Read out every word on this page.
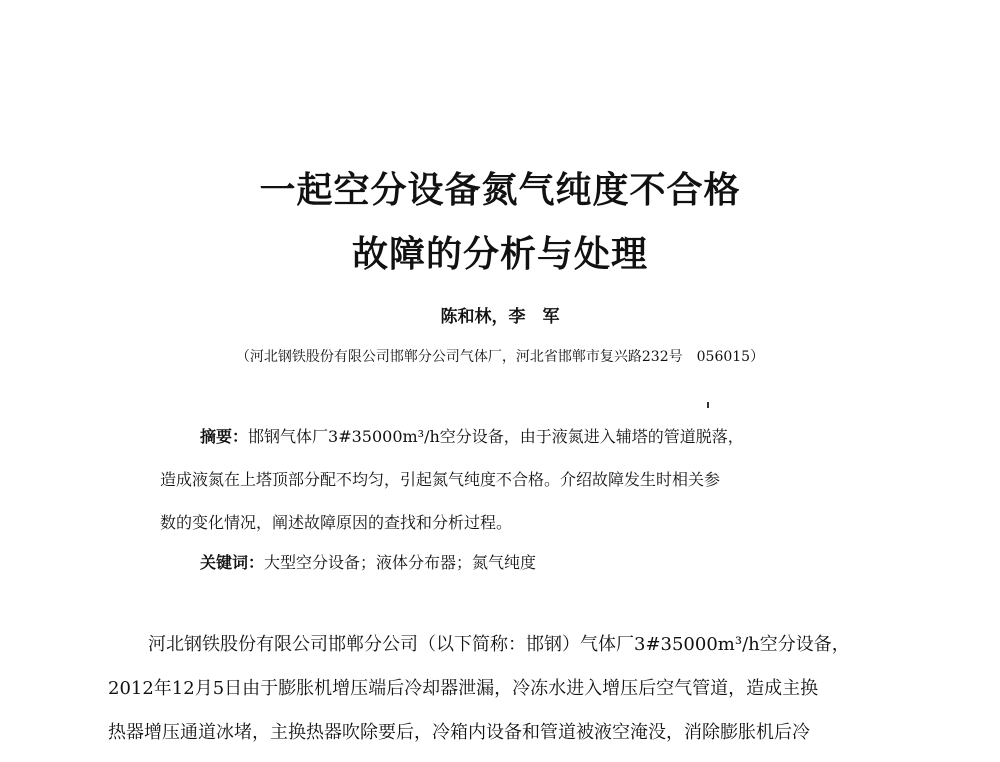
一起空分设备氮气纯度不合格
故障的分析与处理
陈和林，李　军
（河北钢铁股份有限公司邯郸分公司气体厂，河北省邯郸市复兴路232号　056015）
摘要：邯钢气体厂3#35000m³/h空分设备，由于液氮进入辅塔的管道脱落，
造成液氮在上塔顶部分配不均匀，引起氮气纯度不合格。介绍故障发生时相关参
数的变化情况，阐述故障原因的查找和分析过程。
关键词：大型空分设备；液体分布器；氮气纯度
河北钢铁股份有限公司邯郸分公司（以下简称：邯钢）气体厂3#35000m³/h空分设备，
2012年12月5日由于膨胀机增压端后冷却器泄漏，冷冻水进入增压后空气管道，造成主换
热器增压通道冰堵，主换热器吹除要后，冷箱内设备和管道被液空淹没，消除膨胀机后冷
